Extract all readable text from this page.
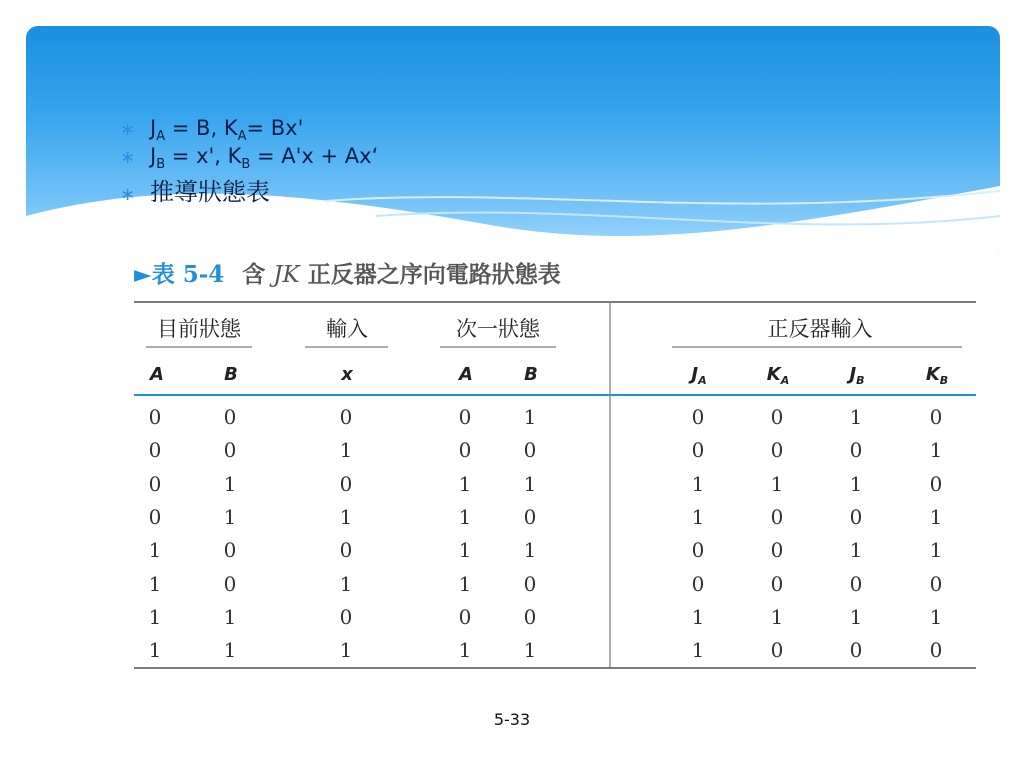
∗ $J_A = B$, $K_A= Bx'$
∗ $J_B = x'$, $K_B = A'x$ + Ax‘
∗ 推導狀態表
►表 5-4 含 JK 正反器之序向電路狀態表
目前狀態	輸入	次一狀態	正反器輸入
A	B	x	A	B	$J_A$	$K_A$	$J_B$	$K_B$
0	0	0	0	1	0	0	1	0
0	0	1	0	0	0	0	0	1
0	1	0	1	1	1	1	1	0
0	1	1	1	0	1	0	0	1
1	0	0	1	1	0	0	1	1
1	0	1	1	0	0	0	0	0
1	1	0	0	0	1	1	1	1
1	1	1	1	1	1	0	0	0
5-33
